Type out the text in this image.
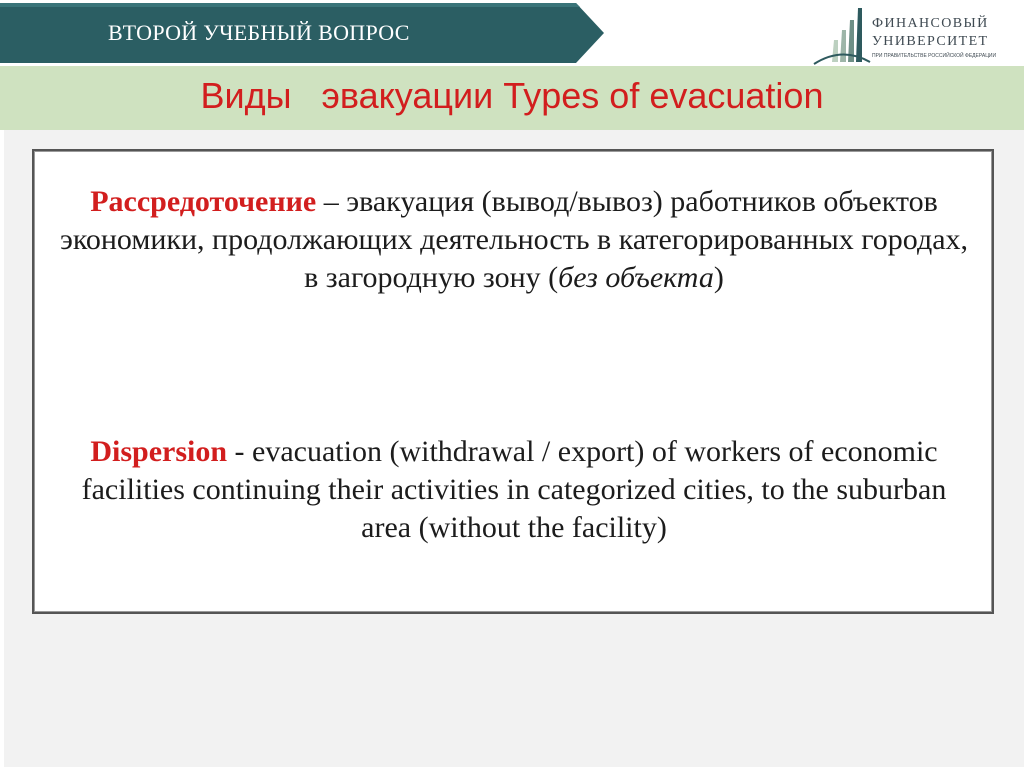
ВТОРОЙ УЧЕБНЫЙ ВОПРОС	ФИНАНСОВЫЙ
УНИВЕРСИТЕТ
ПРИ ПРАВИТЕЛЬСТВЕ РОССИЙСКОЙ ФЕДЕРАЦИИ
Виды   эвакуации Types of evacuation
Рассредоточение – эвакуация (вывод/вывоз) работников объектов экономики, продолжающих деятельность в категорированных городах, в загородную зону (без объекта)
Dispersion - evacuation (withdrawal / export) of workers of economic facilities continuing their activities in categorized cities, to the suburban area (without the facility)
